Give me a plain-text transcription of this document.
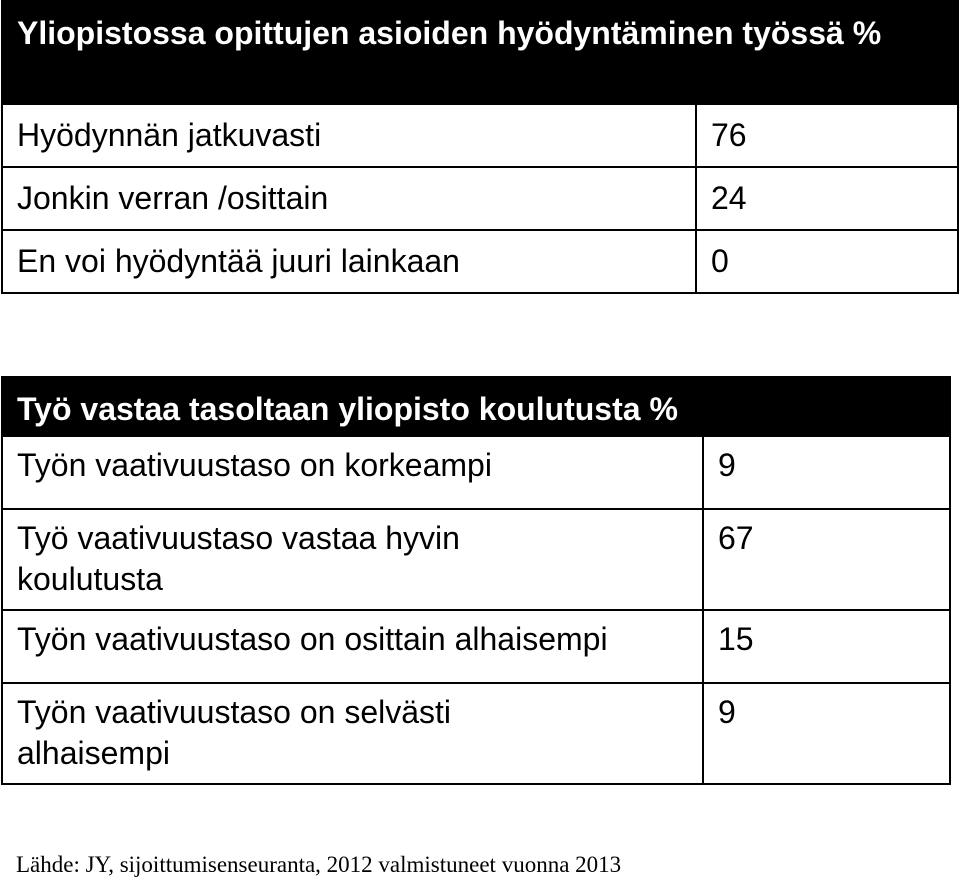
Yliopistossa opittujen asioiden hyödyntäminen työssä %	
Hyödynnän jatkuvasti	76
Jonkin verran /osittain	24
En voi hyödyntää juuri lainkaan	0
Työ vastaa tasoltaan yliopisto koulutusta %	
Työn vaativuustaso on korkeampi	9
Työ vaativuustaso vastaa hyvin koulutusta	67
Työn vaativuustaso on osittain alhaisempi	15
Työn vaativuustaso on selvästi alhaisempi	9
Lähde: JY, sijoittumisenseuranta, 2012 valmistuneet vuonna 2013
